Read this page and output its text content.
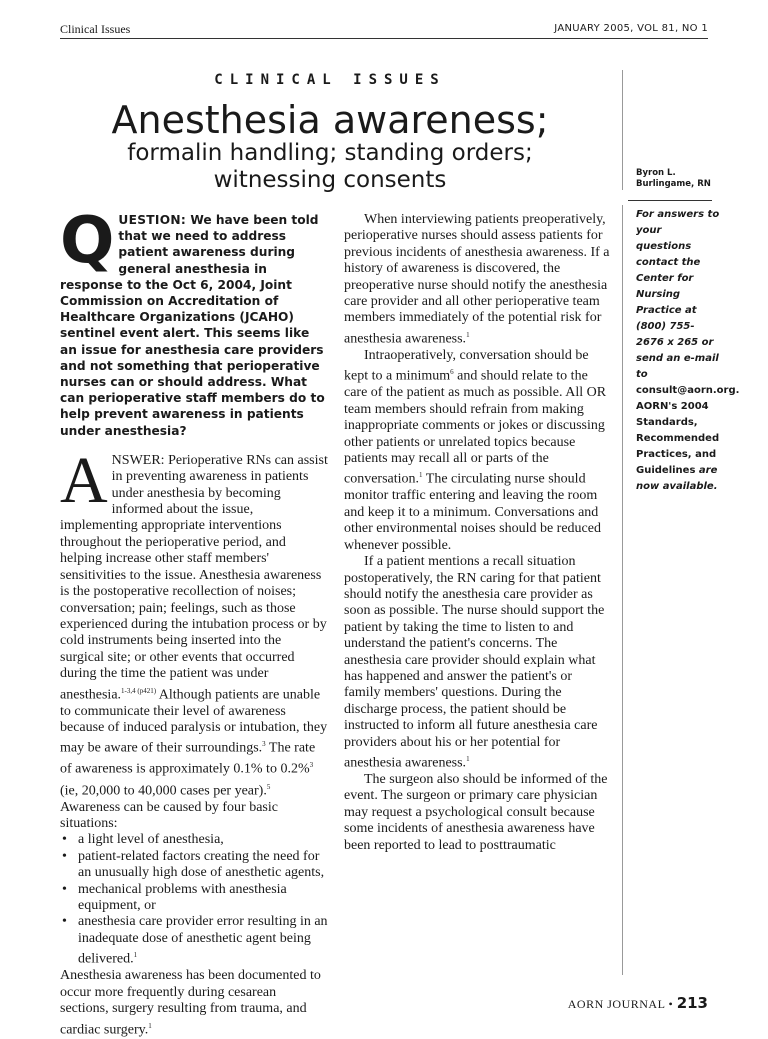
Clinical Issues	JANUARY 2005, VOL 81, NO 1
CLINICAL ISSUES
Anesthesia awareness;
formalin handling; standing orders;
witnessing consents	Byron L.
Burlingame, RN
For answers to your questions contact the Center for Nursing Practice at (800) 755-2676 x 265 or send an e-mail to consult@aorn.org. AORN's 2004 Standards, Recommended Practices, and Guidelines are now available.
Q UESTION: We have been told that we need to address patient awareness during general anesthesia in response to the Oct 6, 2004, Joint Commission on Accreditation of Healthcare Organizations (JCAHO) sentinel event alert. This seems like an issue for anesthesia care providers and not something that perioperative nurses can or should address. What can perioperative staff members do to help prevent awareness in patients under anesthesia?
A NSWER: Perioperative RNs can assist in preventing awareness in patients under anesthesia by becoming informed about the issue, implementing appropriate interventions throughout the perioperative period, and helping increase other staff members' sensitivities to the issue. Anesthesia awareness is the postoperative recollection of noises; conversation; pain; feelings, such as those experienced during the intubation process or by cold instruments being inserted into the surgical site; or other events that occurred during the time the patient was under anesthesia.$^{1-3,4 (p421)}$ Although patients are unable to communicate their level of awareness because of induced paralysis or intubation, they may be aware of their surroundings.$^3$ The rate of awareness is approximately 0.1% to 0.2%$^3$ (ie, 20,000 to 40,000 cases per year).$^5$ Awareness can be caused by four basic situations:
• a light level of anesthesia,
• patient-related factors creating the need for an unusually high dose of anesthetic agents,
• mechanical problems with anesthesia equipment, or
• anesthesia care provider error resulting in an inadequate dose of anesthetic agent being delivered.$^1$

Anesthesia awareness has been documented to occur more frequently during cesarean sections, surgery resulting from trauma, and cardiac surgery.$^1$

When interviewing patients preoperatively, perioperative nurses should assess patients for previous incidents of anesthesia awareness. If a history of awareness is discovered, the preoperative nurse should notify the anesthesia care provider and all other perioperative team members immediately of the potential risk for anesthesia awareness.$^1$

Intraoperatively, conversation should be kept to a minimum$^6$ and should relate to the care of the patient as much as possible. All OR team members should refrain from making inappropriate comments or jokes or discussing other patients or unrelated topics because patients may recall all or parts of the conversation.$^1$ The circulating nurse should monitor traffic entering and leaving the room and keep it to a minimum. Conversations and other environmental noises should be reduced whenever possible.

If a patient mentions a recall situation postoperatively, the RN caring for that patient should notify the anesthesia care provider as soon as possible. The nurse should support the patient by taking the time to listen to and understand the patient's concerns. The anesthesia care provider should explain what has happened and answer the patient's or family members' questions. During the discharge process, the patient should be instructed to inform all future anesthesia care providers about his or her potential for anesthesia awareness.$^1$

The surgeon also should be informed of the event. The surgeon or primary care physician may request a psychological consult because some incidents of anesthesia awareness have been reported to lead to posttraumatic

AORN JOURNAL • 213
